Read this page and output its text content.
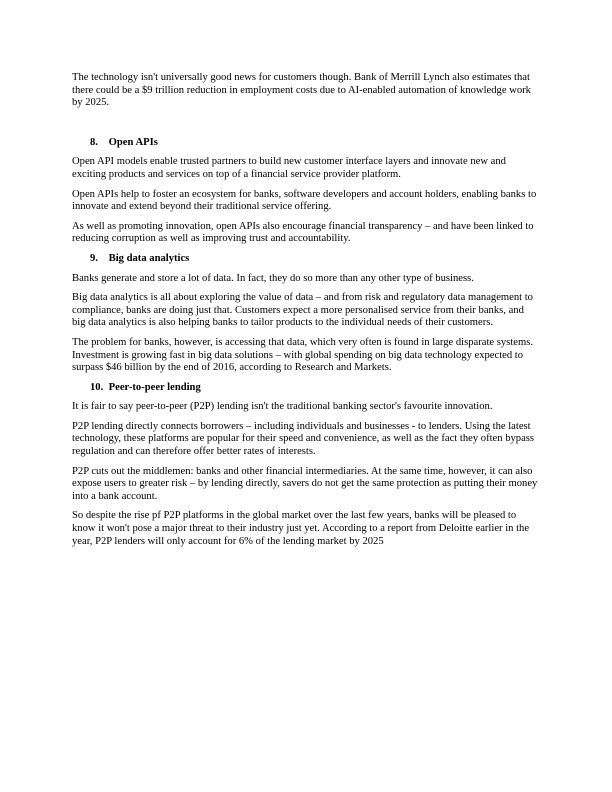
The technology isn't universally good news for customers though. Bank of Merrill Lynch also estimates that there could be a $9 trillion reduction in employment costs due to AI-enabled automation of knowledge work by 2025.

8. Open APIs

Open API models enable trusted partners to build new customer interface layers and innovate new and exciting products and services on top of a financial service provider platform.

Open APIs help to foster an ecosystem for banks, software developers and account holders, enabling banks to innovate and extend beyond their traditional service offering.

As well as promoting innovation, open APIs also encourage financial transparency – and have been linked to reducing corruption as well as improving trust and accountability.

9. Big data analytics

Banks generate and store a lot of data. In fact, they do so more than any other type of business.

Big data analytics is all about exploring the value of data – and from risk and regulatory data management to compliance, banks are doing just that. Customers expect a more personalised service from their banks, and big data analytics is also helping banks to tailor products to the individual needs of their customers.

The problem for banks, however, is accessing that data, which very often is found in large disparate systems. Investment is growing fast in big data solutions – with global spending on big data technology expected to surpass $46 billion by the end of 2016, according to Research and Markets.

10. Peer-to-peer lending

It is fair to say peer-to-peer (P2P) lending isn't the traditional banking sector's favourite innovation.

P2P lending directly connects borrowers – including individuals and businesses - to lenders. Using the latest technology, these platforms are popular for their speed and convenience, as well as the fact they often bypass regulation and can therefore offer better rates of interests.

P2P cuts out the middlemen: banks and other financial intermediaries. At the same time, however, it can also expose users to greater risk – by lending directly, savers do not get the same protection as putting their money into a bank account.

So despite the rise pf P2P platforms in the global market over the last few years, banks will be pleased to know it won't pose a major threat to their industry just yet. According to a report from Deloitte earlier in the year, P2P lenders will only account for 6% of the lending market by 2025
